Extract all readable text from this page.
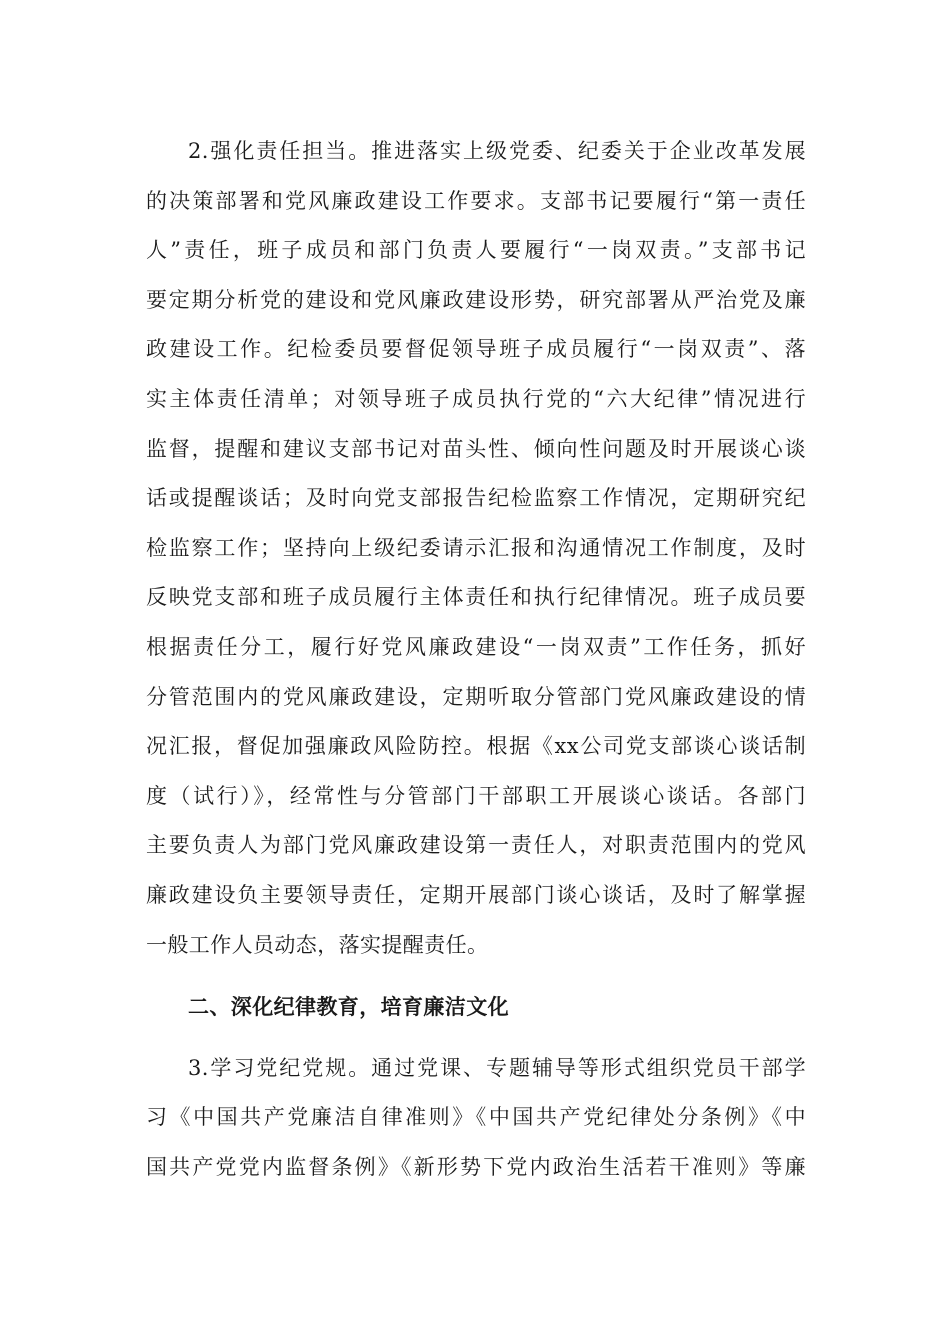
2.强化责任担当。推进落实上级党委、纪委关于企业改革发展
的决策部署和党风廉政建设工作要求。支部书记要履行“第一责任
人”责任，班子成员和部门负责人要履行“一岗双责。”支部书记
要定期分析党的建设和党风廉政建设形势，研究部署从严治党及廉
政建设工作。纪检委员要督促领导班子成员履行“一岗双责”、落
实主体责任清单；对领导班子成员执行党的“六大纪律”情况进行
监督，提醒和建议支部书记对苗头性、倾向性问题及时开展谈心谈
话或提醒谈话；及时向党支部报告纪检监察工作情况，定期研究纪
检监察工作；坚持向上级纪委请示汇报和沟通情况工作制度，及时
反映党支部和班子成员履行主体责任和执行纪律情况。班子成员要
根据责任分工，履行好党风廉政建设“一岗双责”工作任务，抓好
分管范围内的党风廉政建设，定期听取分管部门党风廉政建设的情
况汇报，督促加强廉政风险防控。根据《xx公司党支部谈心谈话制
度（试行）》，经常性与分管部门干部职工开展谈心谈话。各部门
主要负责人为部门党风廉政建设第一责任人，对职责范围内的党风
廉政建设负主要领导责任，定期开展部门谈心谈话，及时了解掌握
一般工作人员动态，落实提醒责任。
二、深化纪律教育，培育廉洁文化
3.学习党纪党规。通过党课、专题辅导等形式组织党员干部学
习《中国共产党廉洁自律准则》《中国共产党纪律处分条例》《中
国共产党党内监督条例》《新形势下党内政治生活若干准则》等廉
